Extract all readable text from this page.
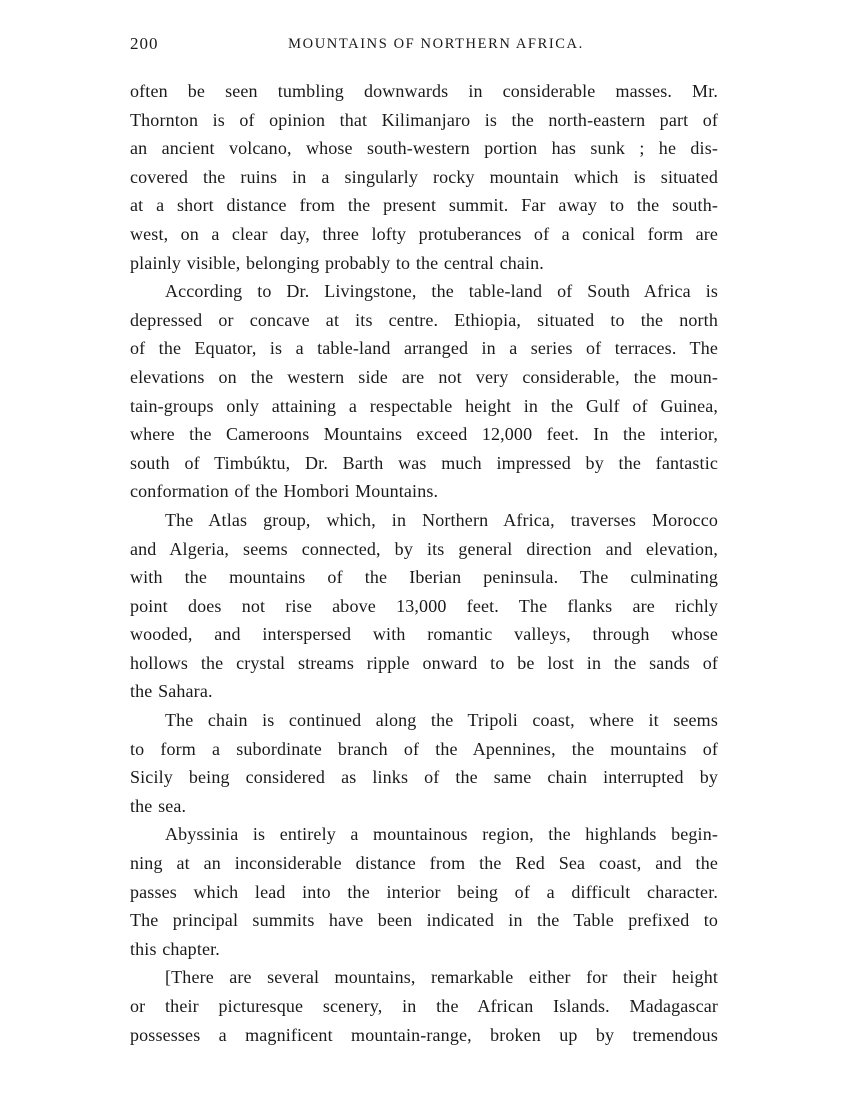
200	MOUNTAINS OF NORTHERN AFRICA.

often be seen tumbling downwards in considerable masses. Mr.

Thornton is of opinion that Kilimanjaro is the north-eastern part of

an ancient volcano, whose south-western portion has sunk ; he dis-

covered the ruins in a singularly rocky mountain which is situated

at a short distance from the present summit. Far away to the south-

west, on a clear day, three lofty protuberances of a conical form are

plainly visible, belonging probably to the central chain.

According to Dr. Livingstone, the table-land of South Africa is

depressed or concave at its centre. Ethiopia, situated to the north

of the Equator, is a table-land arranged in a series of terraces. The

elevations on the western side are not very considerable, the moun-

tain-groups only attaining a respectable height in the Gulf of Guinea,

where the Cameroons Mountains exceed 12,000 feet. In the interior,

south of Timbúktu, Dr. Barth was much impressed by the fantastic

conformation of the Hombori Mountains.

The Atlas group, which, in Northern Africa, traverses Morocco

and Algeria, seems connected, by its general direction and elevation,

with the mountains of the Iberian peninsula. The culminating

point does not rise above 13,000 feet. The flanks are richly

wooded, and interspersed with romantic valleys, through whose

hollows the crystal streams ripple onward to be lost in the sands of

the Sahara.

The chain is continued along the Tripoli coast, where it seems

to form a subordinate branch of the Apennines, the mountains of

Sicily being considered as links of the same chain interrupted by

the sea.

Abyssinia is entirely a mountainous region, the highlands begin-

ning at an inconsiderable distance from the Red Sea coast, and the

passes which lead into the interior being of a difficult character.

The principal summits have been indicated in the Table prefixed to

this chapter.

[There are several mountains, remarkable either for their height

or their picturesque scenery, in the African Islands. Madagascar

possesses a magnificent mountain-range, broken up by tremendous
